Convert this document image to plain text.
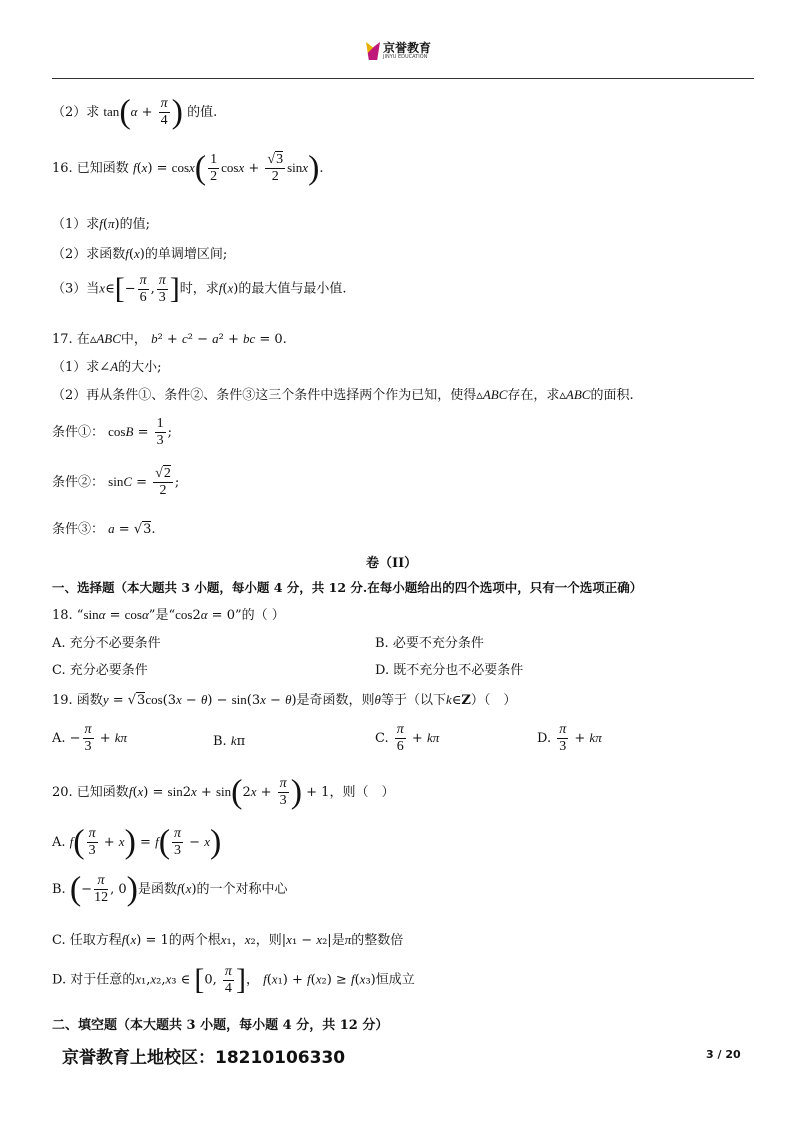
京誉教育
JINYU EDUCATION
（2）求 $\tan(\alpha + \frac{\pi}{4}$ ) 的值.
16. 已知函数 $f(x) = \cos x( \frac{1}{2}$ $\cos x + \frac{√3}{2} \sin x$).
（1）求f(π)的值;
（2）求函数f(x)的单调增区间;
（3）当x∈[− $\frac{\pi}{6}$ , $\frac{\pi}{3}$ ]时，求f(x)的最大值与最小值.
17. 在▵ABC中， b² + c² − a² + bc = 0.
（1）求∠A的大小;
（2）再从条件①、条件②、条件③这三个条件中选择两个作为已知，使得▵ABC存在，求▵ABC的面积.
条件①： $\cos B = \frac{1}{3}$ ;
条件②： $\sin C = \frac{√2}{2}$ ;
条件③： a = √3.
卷（II）
一、选择题（本大题共 3 小题，每小题 4 分，共 12 分.在每小题给出的四个选项中，只有一个选项正确）
18. “sinα = cosα”是“cos2α = 0”的（ ）
A. 充分不必要条件	B. 必要不充分条件
C. 充分必要条件	D. 既不充分也不必要条件
19. 函数y = √3cos(3x − θ) − sin(3x − θ)是奇函数，则θ等于（以下k∈Z）（　）
A. − $\frac{\pi}{3} + k\pi$	B. kπ	C. $\frac{\pi}{6} + k\pi$	D. $\frac{\pi}{3} + k\pi$
20. 已知函数$f(x) = \sin 2x + \sin(2x + \frac{\pi}{3}$ ) + 1，则（　）
A. $f( \frac{\pi}{3} + x) = f( \frac{\pi}{3} - x)$
B. (− $\frac{\pi}{12}$ , 0)是函数f(x)的一个对称中心
C. 任取方程f(x) = 1的两个根x₁，x₂，则|x₁ − x₂|是π的整数倍
D. 对于任意的x₁,x₂,x₃ ∈ [0, $\frac{\pi}{4}$ ]， f(x₁) + f(x₂) ≥ f(x₃)恒成立
二、填空题（本大题共 3 小题，每小题 4 分，共 12 分）
京誉教育上地校区：18210106330	3 / 20
